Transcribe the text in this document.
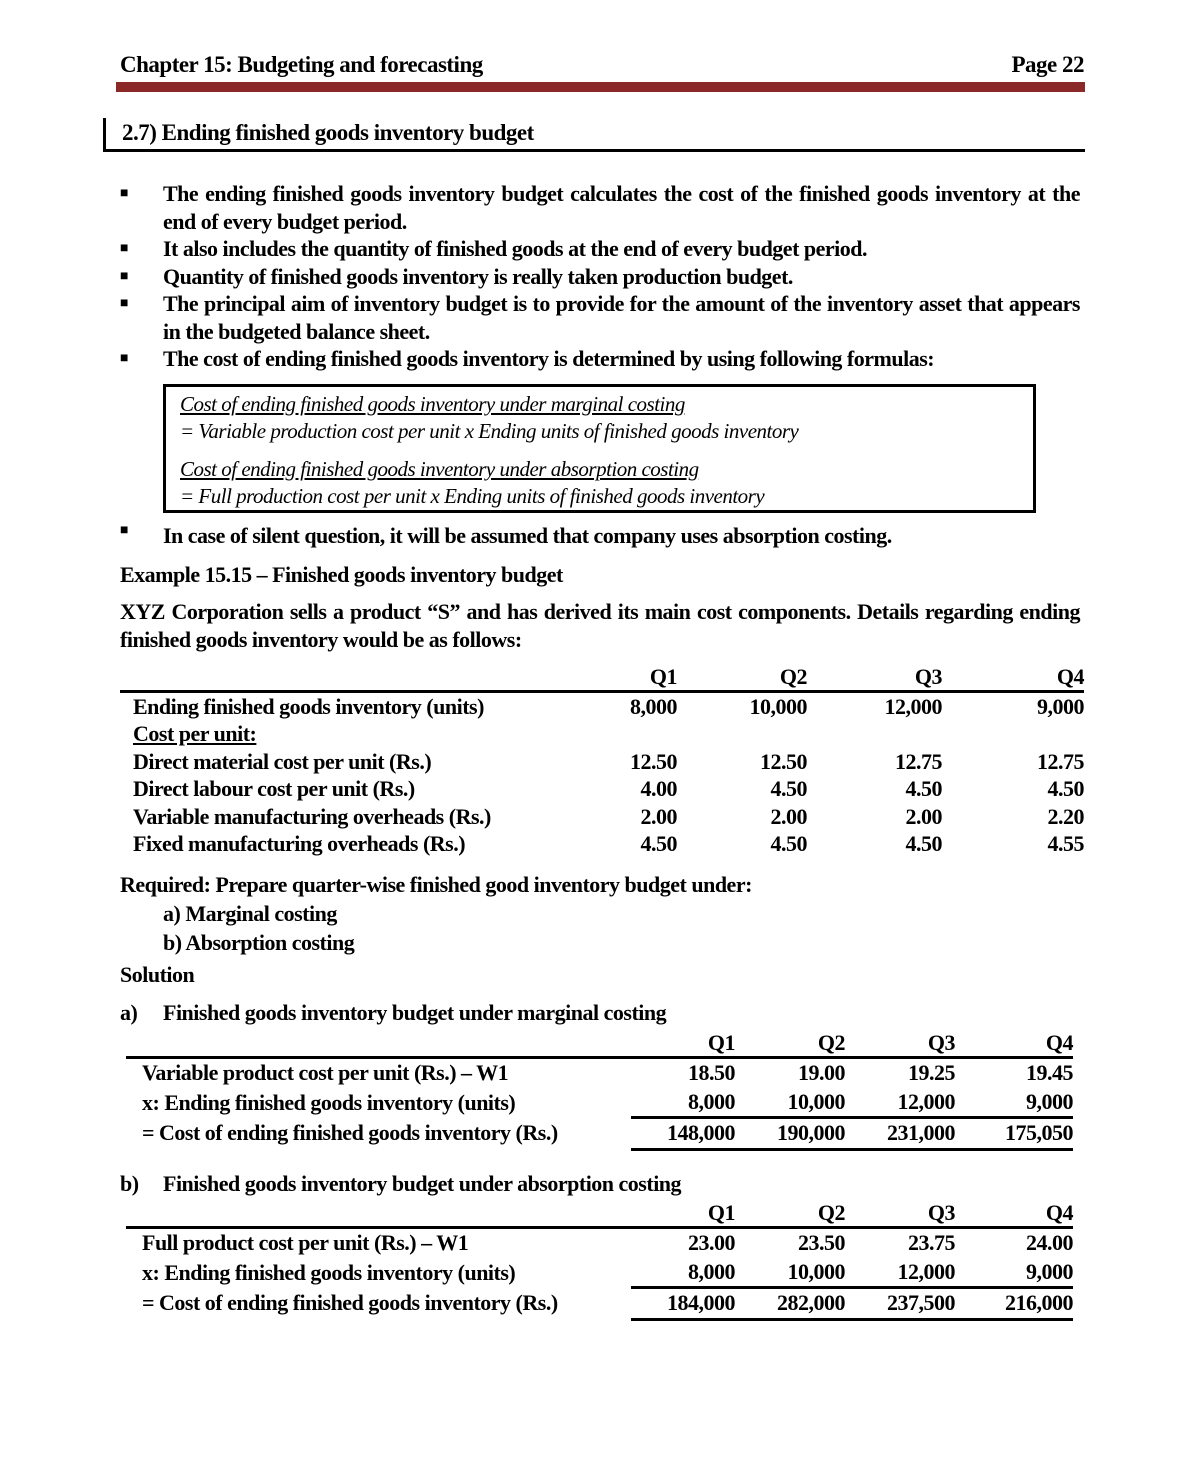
Chapter 15: Budgeting and forecasting	Page 22
2.7) Ending finished goods inventory budget
■	The ending finished goods inventory budget calculates the cost of the finished goods inventory at the end of every budget period.
■	It also includes the quantity of finished goods at the end of every budget period.
■	Quantity of finished goods inventory is really taken production budget.
■	The principal aim of inventory budget is to provide for the amount of the inventory asset that appears in the budgeted balance sheet.
■	The cost of ending finished goods inventory is determined by using following formulas:
Cost of ending finished goods inventory under marginal costing
= Variable production cost per unit x Ending units of finished goods inventory
Cost of ending finished goods inventory under absorption costing
= Full production cost per unit x Ending units of finished goods inventory
■	In case of silent question, it will be assumed that company uses absorption costing.
Example 15.15 – Finished goods inventory budget
XYZ Corporation sells a product “S” and has derived its main cost components. Details regarding ending finished goods inventory would be as follows:
	Q1	Q2	Q3	Q4
Ending finished goods inventory (units)	8,000	10,000	12,000	9,000
Cost per unit:				
Direct material cost per unit (Rs.)	12.50	12.50	12.75	12.75
Direct labour cost per unit (Rs.)	4.00	4.50	4.50	4.50
Variable manufacturing overheads (Rs.)	2.00	2.00	2.00	2.20
Fixed manufacturing overheads (Rs.)	4.50	4.50	4.50	4.55
Required: Prepare quarter-wise finished good inventory budget under:
a) Marginal costing
b) Absorption costing
Solution
a) Finished goods inventory budget under marginal costing
	Q1	Q2	Q3	Q4
Variable product cost per unit (Rs.) – W1	18.50	19.00	19.25	19.45
x: Ending finished goods inventory (units)	8,000	10,000	12,000	9,000
= Cost of ending finished goods inventory (Rs.)	148,000	190,000	231,000	175,050
b) Finished goods inventory budget under absorption costing
	Q1	Q2	Q3	Q4
Full product cost per unit (Rs.) – W1	23.00	23.50	23.75	24.00
x: Ending finished goods inventory (units)	8,000	10,000	12,000	9,000
= Cost of ending finished goods inventory (Rs.)	184,000	282,000	237,500	216,000
